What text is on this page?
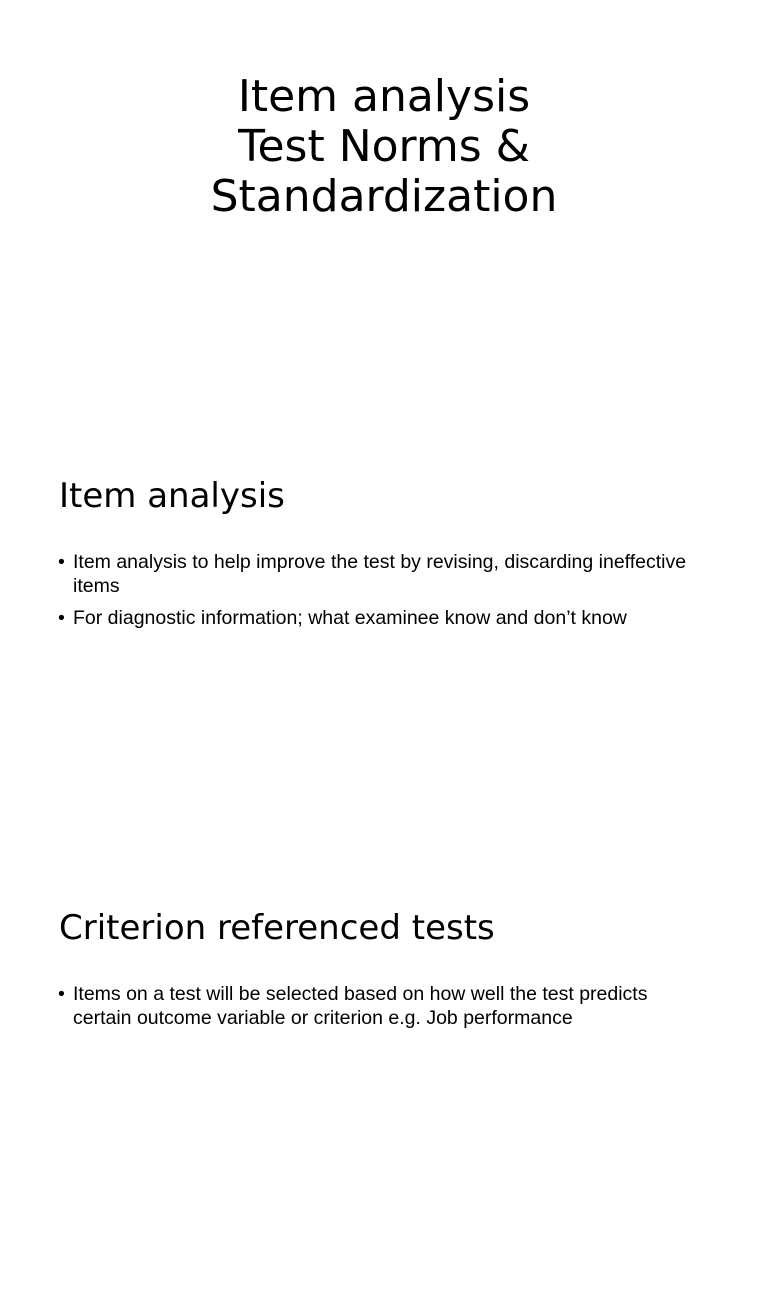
Item analysis
Test Norms &
Standardization
Item analysis
• Item analysis to help improve the test by revising, discarding ineffective items
• For diagnostic information; what examinee know and don’t know
Criterion referenced tests
• Items on a test will be selected based on how well the test predicts certain outcome variable or criterion e.g. Job performance
